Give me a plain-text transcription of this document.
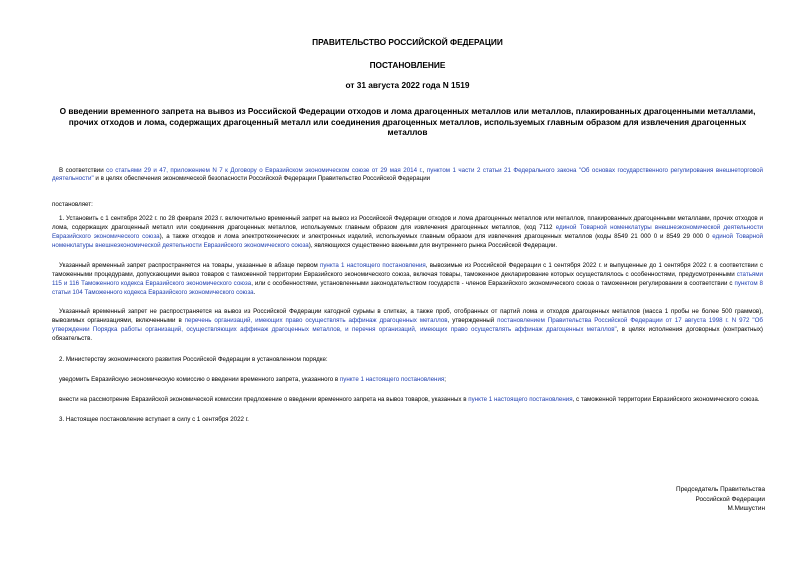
ПРАВИТЕЛЬСТВО РОССИЙСКОЙ ФЕДЕРАЦИИ
ПОСТАНОВЛЕНИЕ
от 31 августа 2022 года N 1519
О введении временного запрета на вывоз из Российской Федерации отходов и лома драгоценных металлов или металлов, плакированных драгоценными металлами, прочих отходов и лома, содержащих драгоценный металл или соединения драгоценных металлов, используемых главным образом для извлечения драгоценных металлов

В соответствии со статьями 29 и 47, приложением N 7 к Договору о Евразийском экономическом союзе от 29 мая 2014 г., пунктом 1 части 2 статьи 21 Федерального закона "Об основах государственного регулирования внешнеторговой деятельности" и в целях обеспечения экономической безопасности Российской Федерации Правительство Российской Федерации

постановляет:

1. Установить с 1 сентября 2022 г. по 28 февраля 2023 г. включительно временный запрет на вывоз из Российской Федерации отходов и лома драгоценных металлов или металлов, плакированных драгоценными металлами, прочих отходов и лома, содержащих драгоценный металл или соединения драгоценных металлов, используемых главным образом для извлечения драгоценных металлов, (код 7112 единой Товарной номенклатуры внешнеэкономической деятельности Евразийского экономического союза), а также отходов и лома электротехнических и электронных изделий, используемых главным образом для извлечения драгоценных металлов (коды 8549 21 000 0 и 8549 29 000 0 единой Товарной номенклатуры внешнеэкономической деятельности Евразийского экономического союза), являющихся существенно важными для внутреннего рынка Российской Федерации.

Указанный временный запрет распространяется на товары, указанные в абзаце первом пункта 1 настоящего постановления, вывозимые из Российской Федерации с 1 сентября 2022 г. и выпущенные до 1 сентября 2022 г. в соответствии с таможенными процедурами, допускающими вывоз товаров с таможенной территории Евразийского экономического союза, включая товары, таможенное декларирование которых осуществлялось с особенностями, предусмотренными статьями 115 и 116 Таможенного кодекса Евразийского экономического союза, или с особенностями, установленными законодательством государств - членов Евразийского экономического союза о таможенном регулировании в соответствии с пунктом 8 статьи 104 Таможенного кодекса Евразийского экономического союза.

Указанный временный запрет не распространяется на вывоз из Российской Федерации катодной сурьмы в слитках, а также проб, отобранных от партий лома и отходов драгоценных металлов (масса 1 пробы не более 500 граммов), вывозимых организациями, включенными в перечень организаций, имеющих право осуществлять аффинаж драгоценных металлов, утвержденный постановлением Правительства Российской Федерации от 17 августа 1998 г. N 972 "Об утверждении Порядка работы организаций, осуществляющих аффинаж драгоценных металлов, и перечня организаций, имеющих право осуществлять аффинаж драгоценных металлов", в целях исполнения договорных (контрактных) обязательств.

2. Министерству экономического развития Российской Федерации в установленном порядке:

уведомить Евразийскую экономическую комиссию о введении временного запрета, указанного в пункте 1 настоящего постановления;

внести на рассмотрение Евразийской экономической комиссии предложение о введении временного запрета на вывоз товаров, указанных в пункте 1 настоящего постановления, с таможенной территории Евразийского экономического союза.

3. Настоящее постановление вступает в силу с 1 сентября 2022 г.

Председатель Правительства
Российской Федерации
М.Мишустин
